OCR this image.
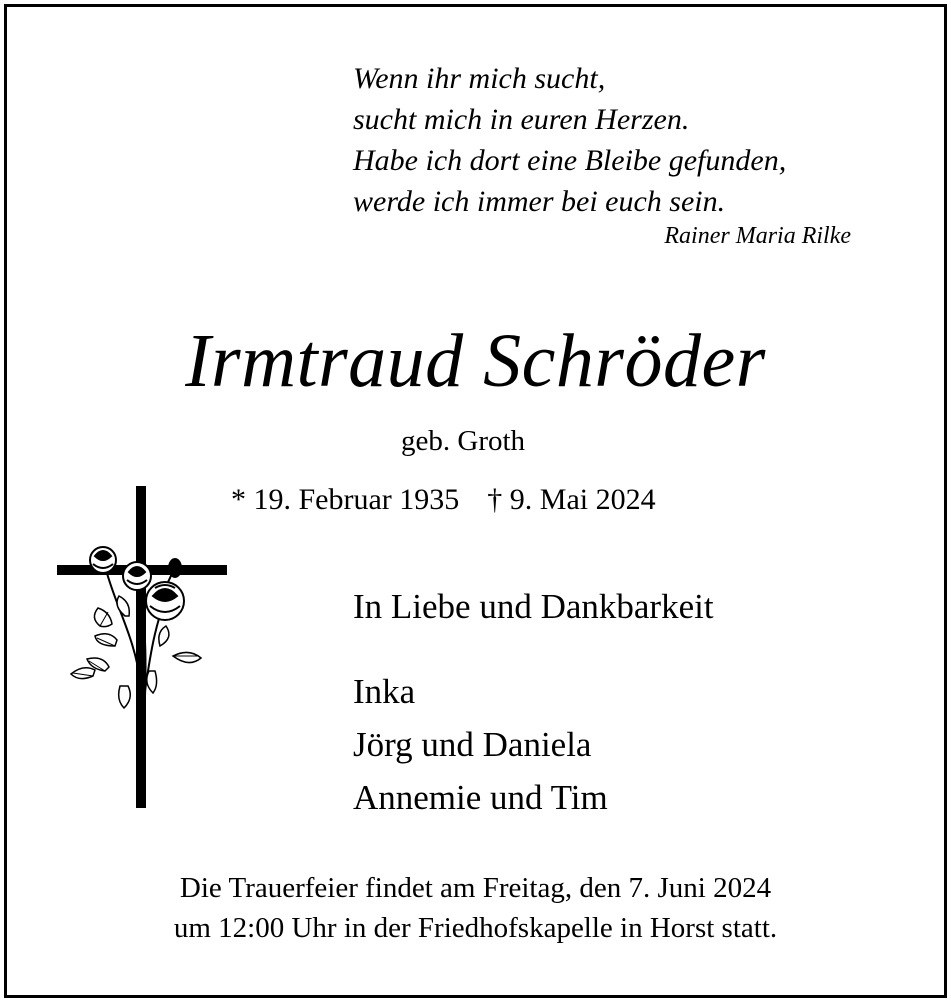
Wenn ihr mich sucht,
sucht mich in euren Herzen.
Habe ich dort eine Bleibe gefunden,
werde ich immer bei euch sein.
Rainer Maria Rilke
Irmtraud Schröder
geb. Groth
* 19. Februar 1935 † 9. Mai 2024
In Liebe und Dankbarkeit
Inka
Jörg und Daniela
Annemie und Tim
Die Trauerfeier findet am Freitag, den 7. Juni 2024
um 12:00 Uhr in der Friedhofskapelle in Horst statt.
